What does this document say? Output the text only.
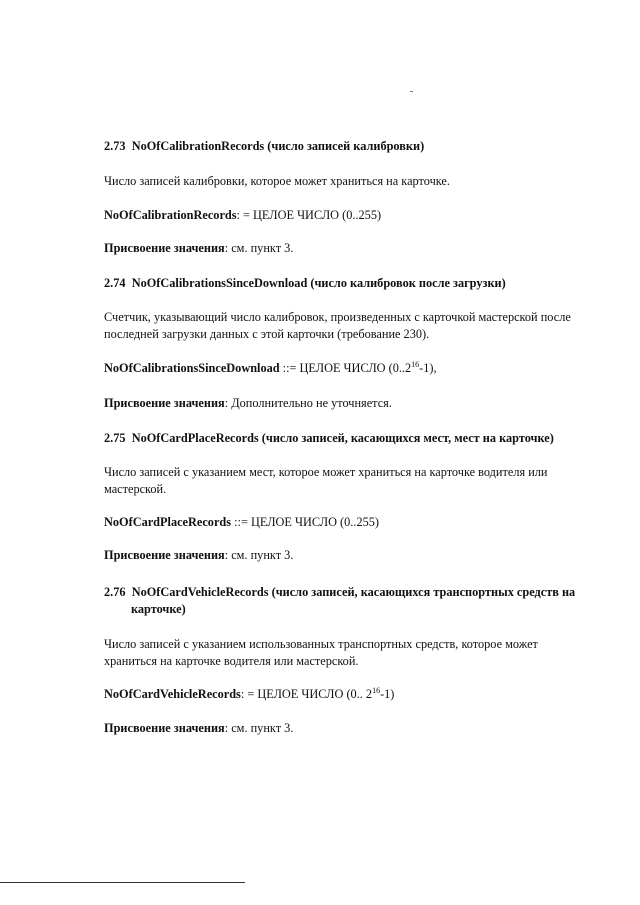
2.73 NoOfCalibrationRecords (число записей калибровки)

Число записей калибровки, которое может храниться на карточке.

NoOfCalibrationRecords: = ЦЕЛОЕ ЧИСЛО (0..255)

Присвоение значения: см. пункт 3.

2.74 NoOfCalibrationsSinceDownload (число калибровок после загрузки)

Счетчик, указывающий число калибровок, произведенных с карточкой мастерской после последней загрузки данных с этой карточки (требование 230).

NoOfCalibrationsSinceDownload ::= ЦЕЛОЕ ЧИСЛО (0..2$^{16}$-1),

Присвоение значения: Дополнительно не уточняется.

2.75 NoOfCardPlaceRecords (число записей, касающихся мест, мест на карточке)

Число записей с указанием мест, которое может храниться на карточке водителя или мастерской.

NoOfCardPlaceRecords ::= ЦЕЛОЕ ЧИСЛО (0..255)

Присвоение значения: см. пункт 3.

2.76 NoOfCardVehicleRecords (число записей, касающихся транспортных средств на
карточке)

Число записей с указанием использованных транспортных средств, которое может храниться на карточке водителя или мастерской.

NoOfCardVehicleRecords: = ЦЕЛОЕ ЧИСЛО (0.. $2^{16}-1$)

Присвоение значения: см. пункт 3.
